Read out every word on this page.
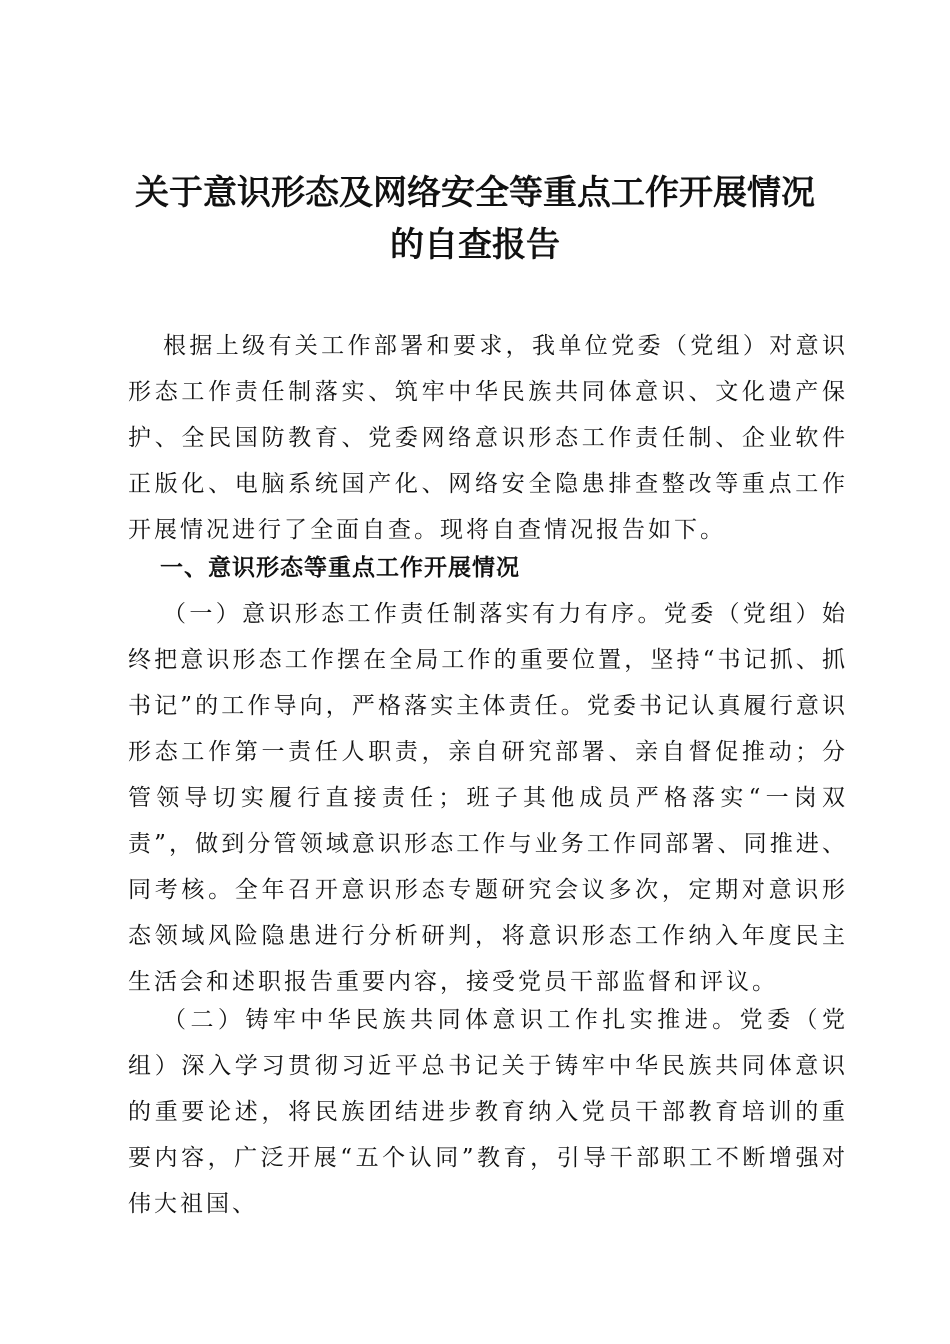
关于意识形态及网络安全等重点工作开展情况
的自查报告
根据上级有关工作部署和要求，我单位党委（党组）对意识形态工作责任制落实、筑牢中华民族共同体意识、文化遗产保护、全民国防教育、党委网络意识形态工作责任制、企业软件正版化、电脑系统国产化、网络安全隐患排查整改等重点工作开展情况进行了全面自查。现将自查情况报告如下。
一、意识形态等重点工作开展情况
（一）意识形态工作责任制落实有力有序。党委（党组）始终把意识形态工作摆在全局工作的重要位置，坚持“书记抓、抓书记”的工作导向，严格落实主体责任。党委书记认真履行意识形态工作第一责任人职责，亲自研究部署、亲自督促推动；分管领导切实履行直接责任；班子其他成员严格落实“一岗双责”，做到分管领域意识形态工作与业务工作同部署、同推进、同考核。全年召开意识形态专题研究会议多次，定期对意识形态领域风险隐患进行分析研判，将意识形态工作纳入年度民主生活会和述职报告重要内容，接受党员干部监督和评议。
（二）铸牢中华民族共同体意识工作扎实推进。党委（党组）深入学习贯彻习近平总书记关于铸牢中华民族共同体意识的重要论述，将民族团结进步教育纳入党员干部教育培训的重要内容，广泛开展“五个认同”教育，引导干部职工不断增强对伟大祖国、
